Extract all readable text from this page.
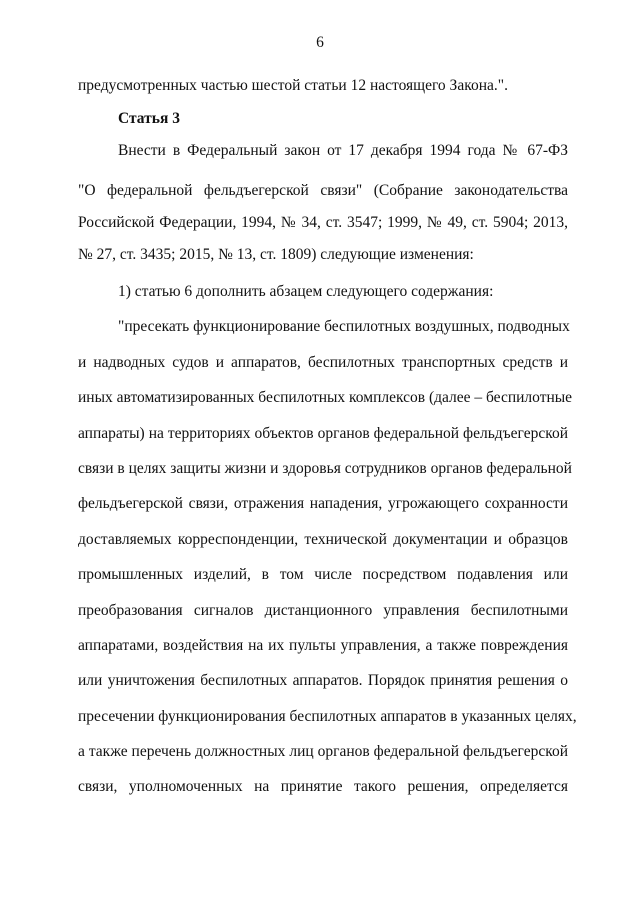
6
предусмотренных частью шестой статьи 12 настоящего Закона.".
Статья 3
Внести в Федеральный закон от 17 декабря 1994 года № 67-ФЗ
"О федеральной фельдъегерской связи" (Собрание законодательства
Российской Федерации, 1994, № 34, ст. 3547; 1999, № 49, ст. 5904; 2013,
№ 27, ст. 3435; 2015, № 13, ст. 1809) следующие изменения:
1) статью 6 дополнить абзацем следующего содержания:
"пресекать функционирование беспилотных воздушных, подводных
и надводных судов и аппаратов, беспилотных транспортных средств и
иных автоматизированных беспилотных комплексов (далее – беспилотные
аппараты) на территориях объектов органов федеральной фельдъегерской
связи в целях защиты жизни и здоровья сотрудников органов федеральной
фельдъегерской связи, отражения нападения, угрожающего сохранности
доставляемых корреспонденции, технической документации и образцов
промышленных изделий, в том числе посредством подавления или
преобразования сигналов дистанционного управления беспилотными
аппаратами, воздействия на их пульты управления, а также повреждения
или уничтожения беспилотных аппаратов. Порядок принятия решения о
пресечении функционирования беспилотных аппаратов в указанных целях,
а также перечень должностных лиц органов федеральной фельдъегерской
связи, уполномоченных на принятие такого решения, определяется
